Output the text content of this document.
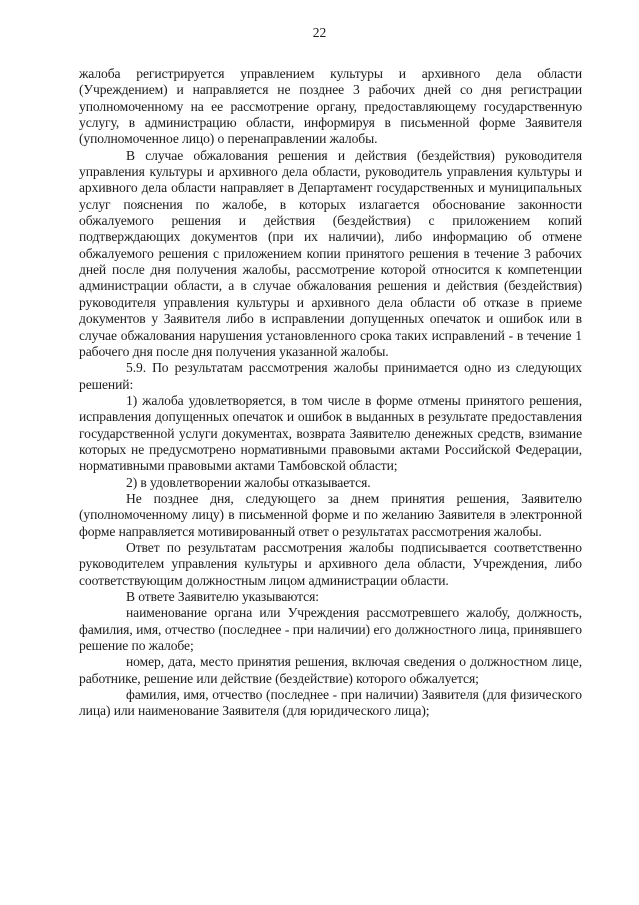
22

жалоба регистрируется управлением культуры и архивного дела области (Учреждением) и направляется не позднее 3 рабочих дней со дня регистрации уполномоченному на ее рассмотрение органу, предоставляющему государственную услугу, в администрацию области, информируя в письменной форме Заявителя (уполномоченное лицо) о перенаправлении жалобы.

В случае обжалования решения и действия (бездействия) руководителя управления культуры и архивного дела области, руководитель управления культуры и архивного дела области направляет в Департамент государственных и муниципальных услуг пояснения по жалобе, в которых излагается обоснование законности обжалуемого решения и действия (бездействия) с приложением копий подтверждающих документов (при их наличии), либо информацию об отмене обжалуемого решения с приложением копии принятого решения в течение 3 рабочих дней после дня получения жалобы, рассмотрение которой относится к компетенции администрации области, а в случае обжалования решения и действия (бездействия) руководителя управления культуры и архивного дела области об отказе в приеме документов у Заявителя либо в исправлении допущенных опечаток и ошибок или в случае обжалования нарушения установленного срока таких исправлений - в течение 1 рабочего дня после дня получения указанной жалобы.

5.9. По результатам рассмотрения жалобы принимается одно из следующих решений:

1) жалоба удовлетворяется, в том числе в форме отмены принятого решения, исправления допущенных опечаток и ошибок в выданных в результате предоставления государственной услуги документах, возврата Заявителю денежных средств, взимание которых не предусмотрено нормативными правовыми актами Российской Федерации, нормативными правовыми актами Тамбовской области;

2) в удовлетворении жалобы отказывается.

Не позднее дня, следующего за днем принятия решения, Заявителю (уполномоченному лицу) в письменной форме и по желанию Заявителя в электронной форме направляется мотивированный ответ о результатах рассмотрения жалобы.

Ответ по результатам рассмотрения жалобы подписывается соответственно руководителем управления культуры и архивного дела области, Учреждения, либо соответствующим должностным лицом администрации области.

В ответе Заявителю указываются:

наименование органа или Учреждения рассмотревшего жалобу, должность, фамилия, имя, отчество (последнее - при наличии) его должностного лица, принявшего решение по жалобе;

номер, дата, место принятия решения, включая сведения о должностном лице, работнике, решение или действие (бездействие) которого обжалуется;

фамилия, имя, отчество (последнее - при наличии) Заявителя (для физического лица) или наименование Заявителя (для юридического лица);
